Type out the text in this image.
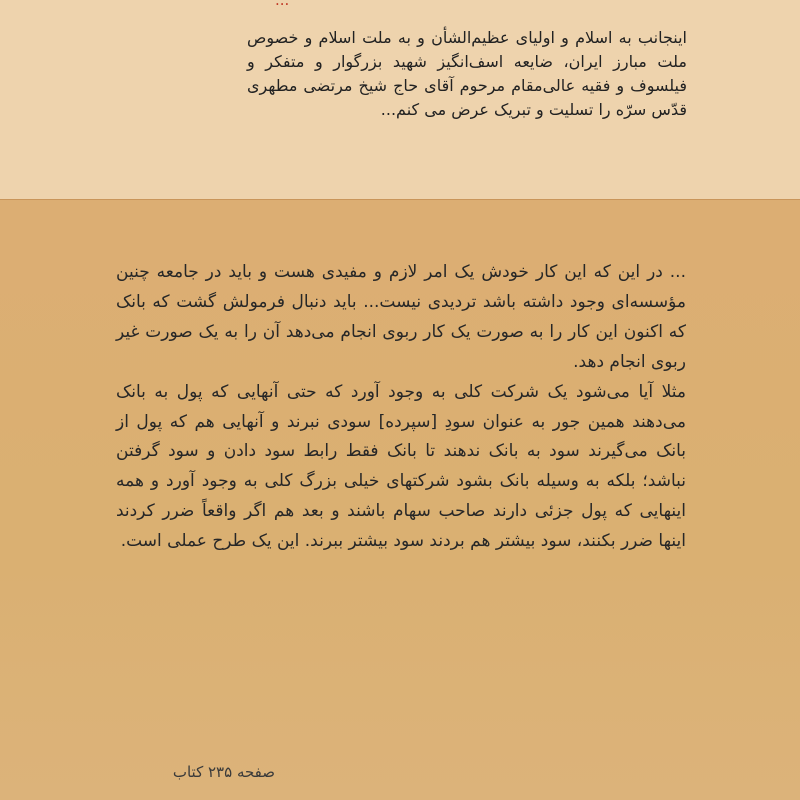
...
اینجانب به اسلام و اولیای عظیم‌الشأن و به ملت اسلام و خصوص ملت مبارز ایران، ضایعه اسف‌انگیز شهید بزرگوار و متفکر و فیلسوف و فقیه عالی‌مقام مرحوم آقای حاج شیخ مرتضی مطهری قدّس سرّه را تسلیت و تبریک عرض می کنم...

... در این که این کار خودش یک امر لازم و مفیدی هست و باید در جامعه چنین مؤسسه‌ای وجود داشته باشد تردیدی نیست... باید دنبال فرمولش گشت که بانک که اکنون این کار را به صورت یک کار ربوی انجام می‌دهد آن را به یک صورت غیر ربوی انجام دهد.

مثلا آیا می‌شود یک شرکت کلی به وجود آورد که حتی آنهایی که پول به بانک می‌دهند همین جور به عنوان سودِ [سپرده] سودی نبرند و آنهایی هم که پول از بانک می‌گیرند سود به بانک ندهند تا بانک فقط رابط سود دادن و سود گرفتن نباشد؛ بلکه به وسیله بانک بشود شرکتهای خیلی بزرگ کلی به وجود آورد و همه اینهایی که پول جزئی دارند صاحب سهام باشند و بعد هم اگر واقعاً ضرر کردند اینها ضرر بکنند، سود بیشتر هم بردند سود بیشتر ببرند. این یک طرح عملی است.

صفحه ۲۳۵ کتاب
